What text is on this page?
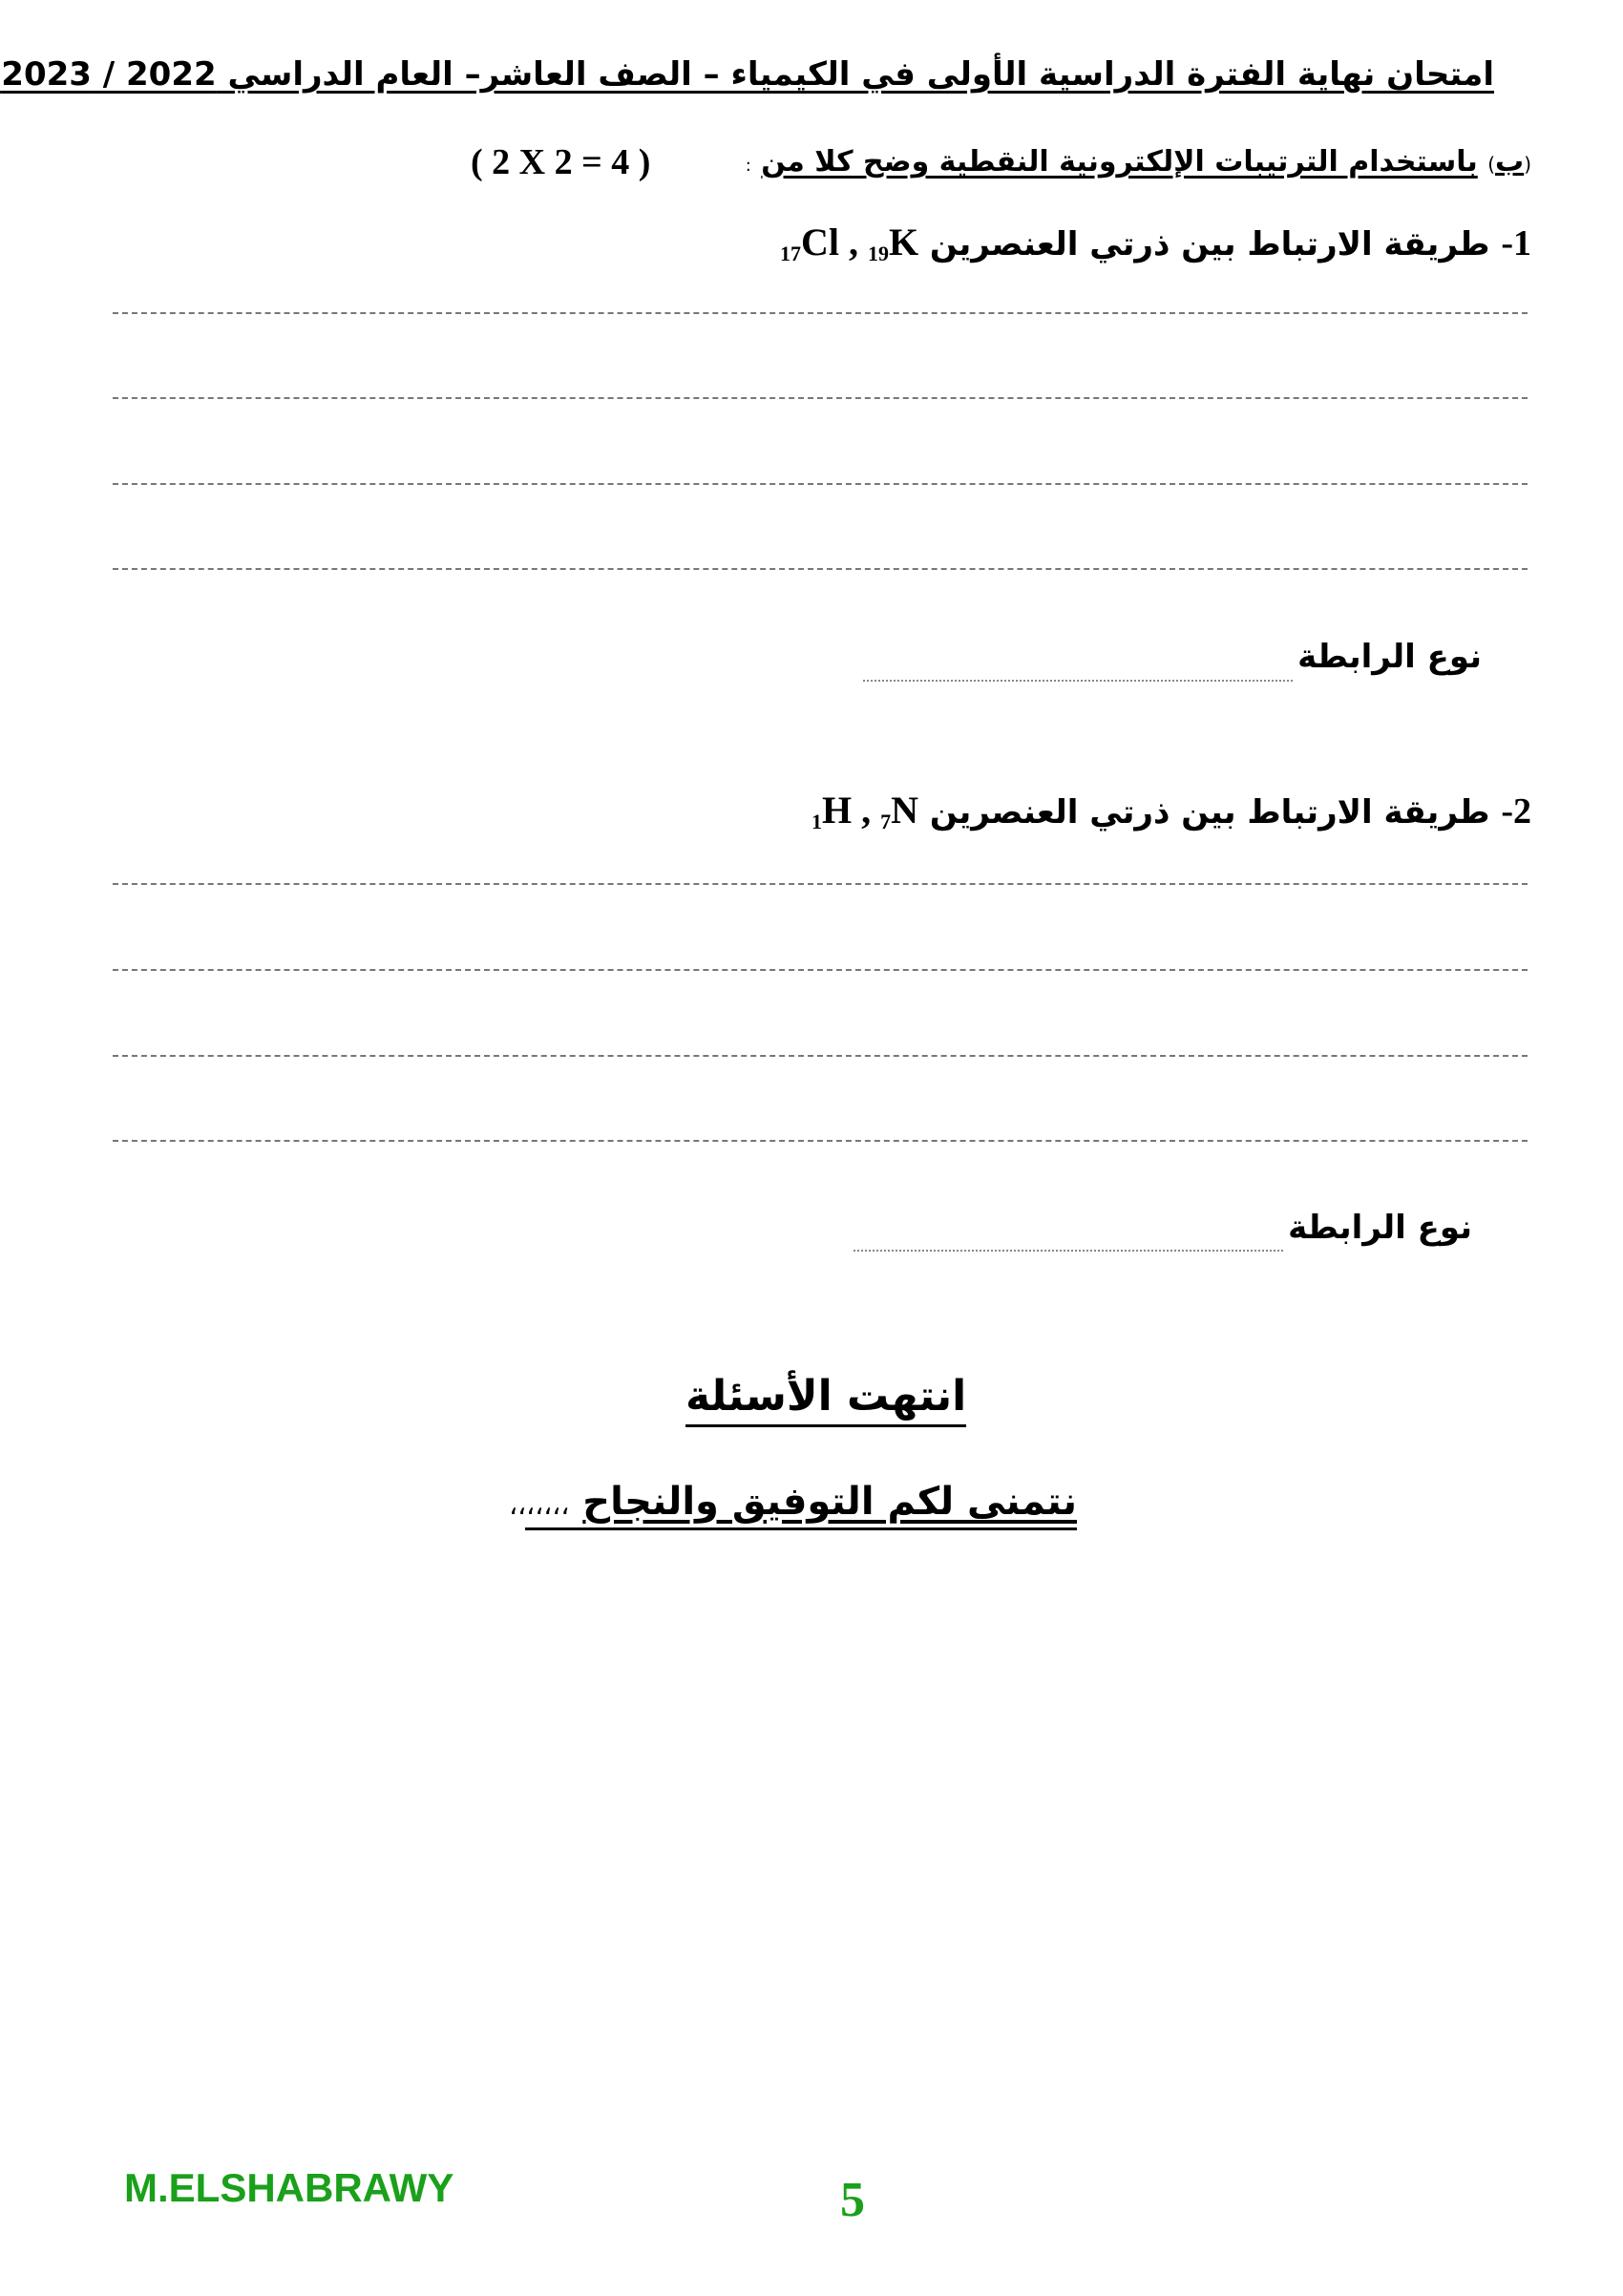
امتحان نهاية الفترة الدراسية الأولى في الكيمياء – الصف العاشر– العام الدراسي 2022 / 2023
(ب) باستخدام الترتيبات الإلكترونية النقطية وضح كلا من :
( 2 X 2 = 4 )
1- طريقة الارتباط بين ذرتي العنصرين $_{17}$Cl , $_{19}$K
نوع الرابطة
2- طريقة الارتباط بين ذرتي العنصرين $_1$H , $_7$N
نوع الرابطة
انتهت الأسئلة
نتمنى لكم التوفيق والنجاح ،،،،،،،
M.ELSHABRAWY	5
